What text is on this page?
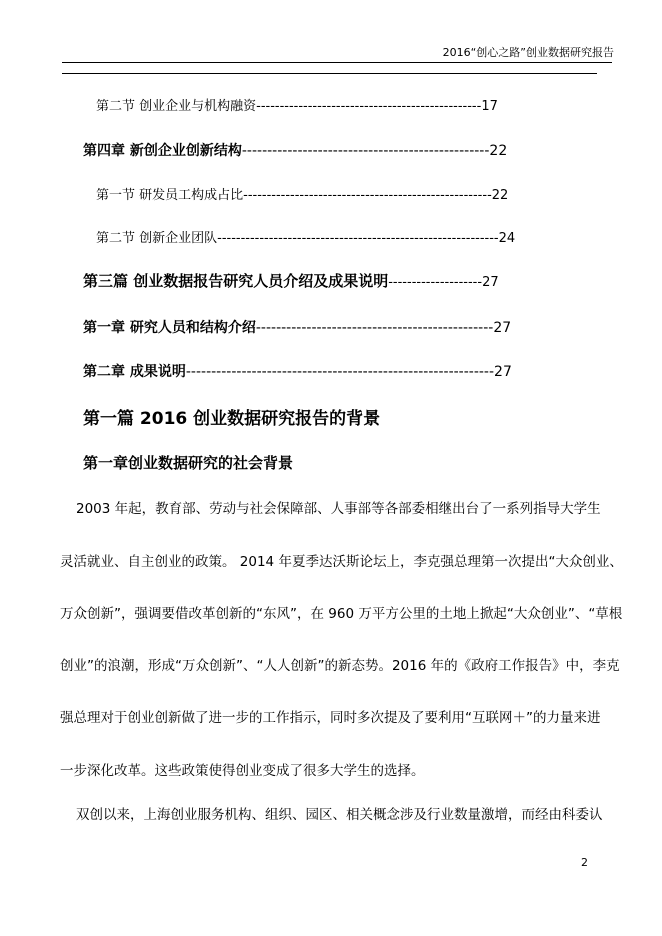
2016“创心之路”创业数据研究报告
第二节 创业企业与机构融资------------------------------------------------17
第四章 新创企业创新结构-------------------------------------------------22
第一节 研发员工构成占比-----------------------------------------------------22
第二节 创新企业团队------------------------------------------------------------24
第三篇 创业数据报告研究人员介绍及成果说明--------------------27
第一章 研究人员和结构介绍-----------------------------------------------27
第二章 成果说明-------------------------------------------------------------27
第一篇 2016 创业数据研究报告的背景
第一章创业数据研究的社会背景
2003 年起，教育部、劳动与社会保障部、人事部等各部委相继出台了一系列指导大学生
灵活就业、自主创业的政策。 2014 年夏季达沃斯论坛上，李克强总理第一次提出“大众创业、
万众创新”，强调要借改革创新的“东风”，在 960 万平方公里的土地上掀起“大众创业”、“草根
创业”的浪潮，形成“万众创新”、“人人创新”的新态势。2016 年的《政府工作报告》中，李克
强总理对于创业创新做了进一步的工作指示，同时多次提及了要利用“互联网＋”的力量来进
一步深化改革。这些政策使得创业变成了很多大学生的选择。
双创以来，上海创业服务机构、组织、园区、相关概念涉及行业数量激增，而经由科委认
2
